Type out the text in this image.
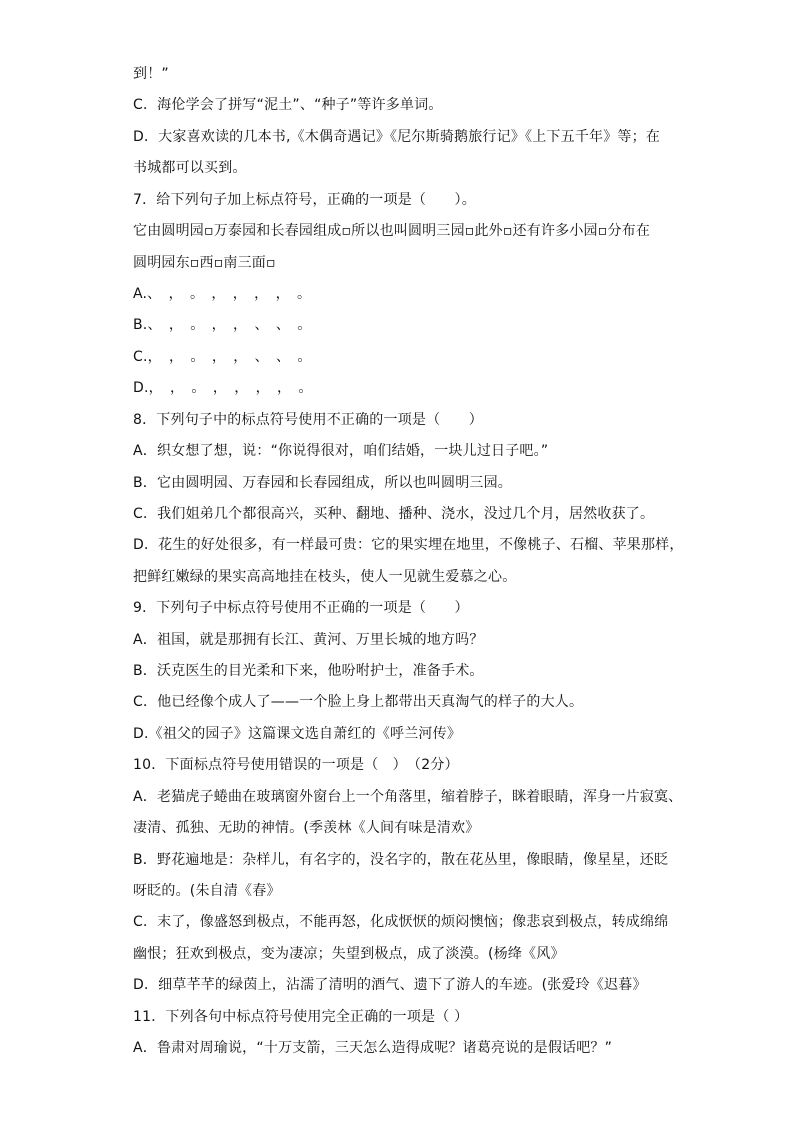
到！”
C．海伦学会了拼写“泥土”、“种子”等许多单词。
D．大家喜欢读的几本书,《木偶奇遇记》《尼尔斯骑鹅旅行记》《上下五千年》等；在
书城都可以买到。
7．给下列句子加上标点符号，正确的一项是（　　）。
它由圆明园▫万泰园和长春园组成▫所以也叫圆明三园▫此外▫还有许多小园▫分布在
圆明园东▫西▫南三面▫
A.、　，　。　，　，　，　，　。
B.、　，　。　，　，　、　、　。
C.，　，　。　，　，　、　、　。
D.，　，　。　，　，　，　，　。
8．下列句子中的标点符号使用不正确的一项是（　　）
A．织女想了想，说：“你说得很对，咱们结婚，一块儿过日子吧。”
B．它由圆明园、万春园和长春园组成，所以也叫圆明三园。
C．我们姐弟几个都很高兴，买种、翻地、播种、浇水，没过几个月，居然收获了。
D．花生的好处很多，有一样最可贵：它的果实埋在地里，不像桃子、石榴、苹果那样，
把鲜红嫩绿的果实高高地挂在枝头，使人一见就生爱慕之心。
9．下列句子中标点符号使用不正确的一项是（　　）
A．祖国，就是那拥有长江、黄河、万里长城的地方吗？
B．沃克医生的目光柔和下来，他吩咐护士，准备手术。
C．他已经像个成人了——一个脸上身上都带出天真淘气的样子的大人。
D.《祖父的园子》这篇课文选自萧红的《呼兰河传》
10．下面标点符号使用错误的一项是（　）　（2分）
A．老猫虎子蜷曲在玻璃窗外窗台上一个角落里，缩着脖子，眯着眼睛，浑身一片寂寞、
凄清、孤独、无助的神情。(季羡林《人间有味是清欢》
B．野花遍地是：杂样儿，有名字的，没名字的，散在花丛里，像眼睛，像星星，还眨
呀眨的。(朱自清《春》
C．末了，像盛怒到极点，不能再怒，化成恹恹的烦闷懊恼；像悲哀到极点，转成绵绵
幽恨；狂欢到极点，变为凄凉；失望到极点，成了淡漠。(杨绛《风》
D．细草芊芊的绿茵上，沾濡了清明的酒气、遗下了游人的车迹。(张爱玲《迟暮》
11．下列各句中标点符号使用完全正确的一项是（ ）
A．鲁肃对周瑜说，“十万支箭，三天怎么造得成呢？诸葛亮说的是假话吧？”
